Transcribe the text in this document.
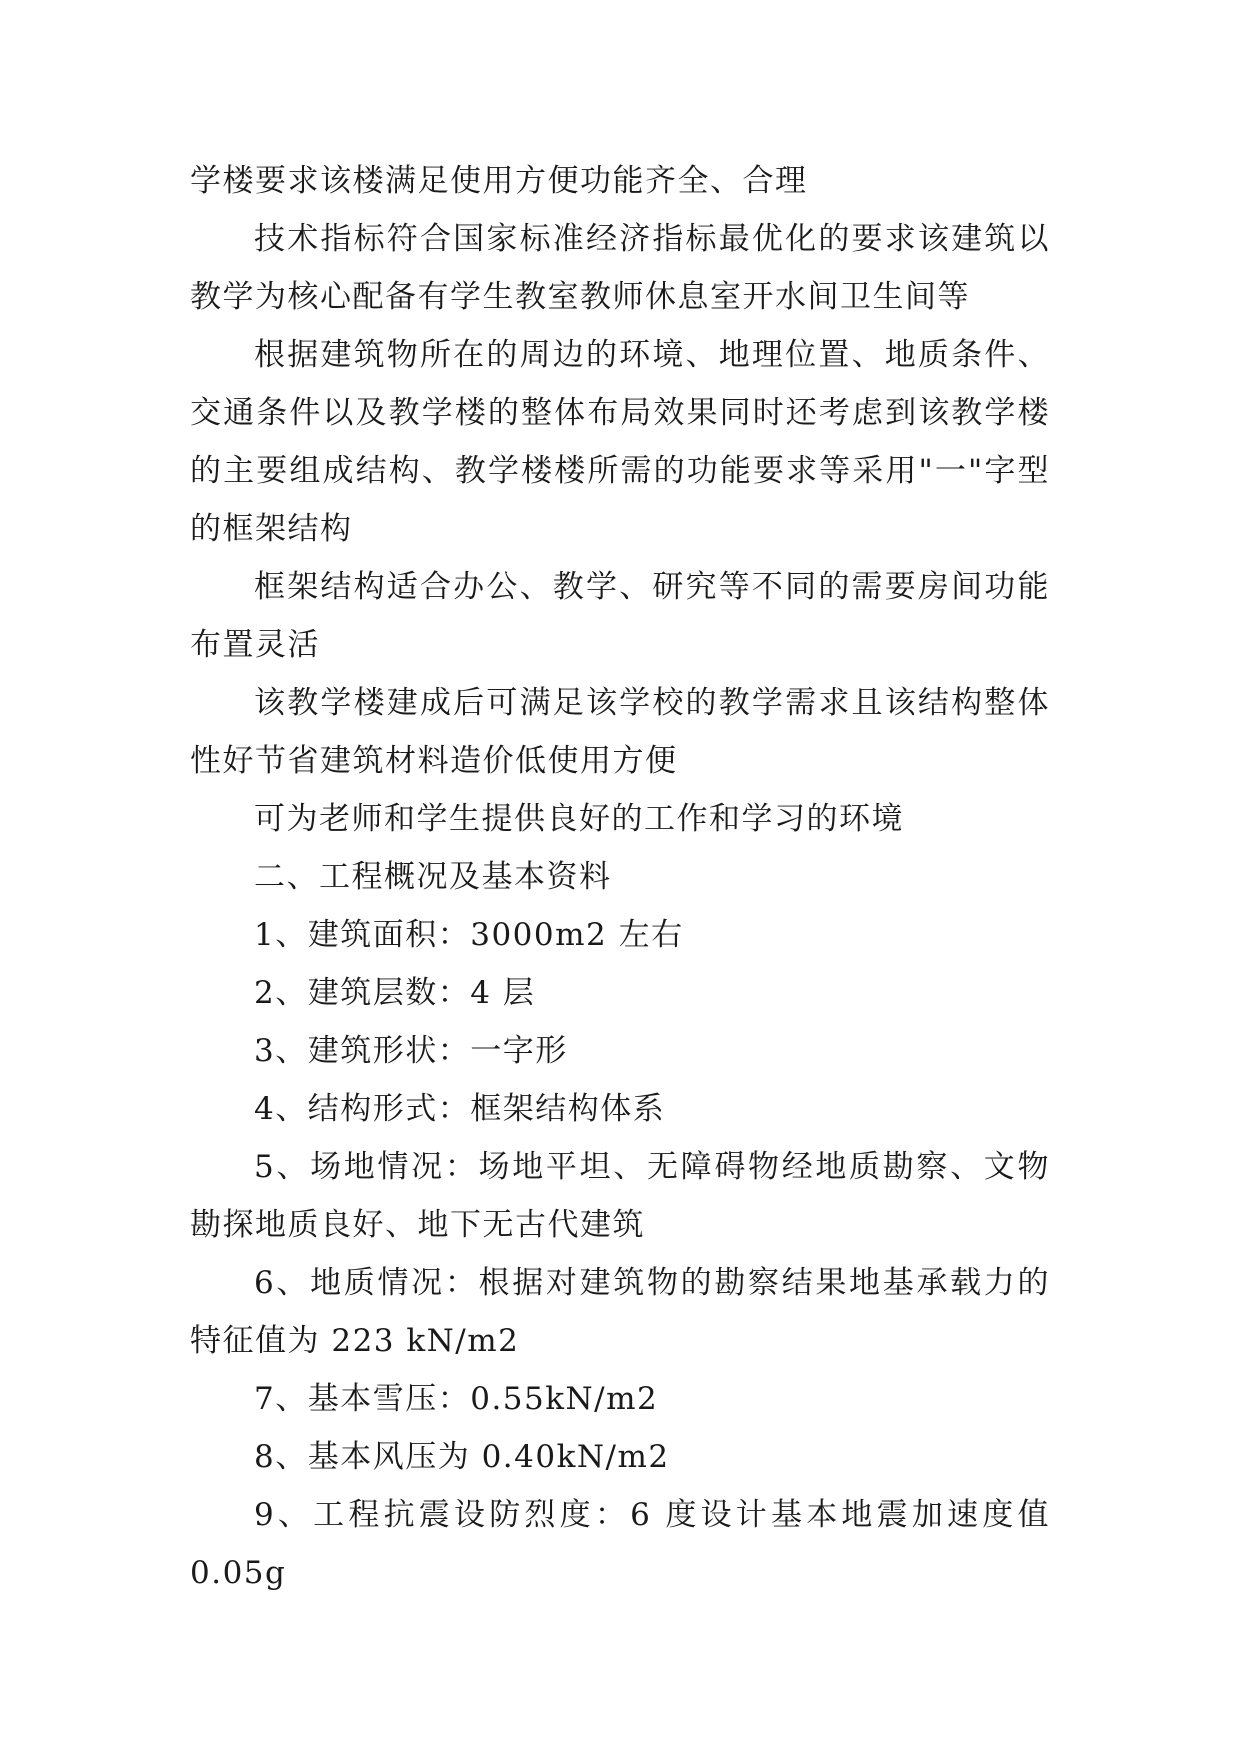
学楼要求该楼满足使用方便功能齐全、合理

技术指标符合国家标准经济指标最优化的要求该建筑以教学为核心配备有学生教室教师休息室开水间卫生间等

根据建筑物所在的周边的环境、地理位置、地质条件、交通条件以及教学楼的整体布局效果同时还考虑到该教学楼的主要组成结构、教学楼楼所需的功能要求等采用"一"字型的框架结构

框架结构适合办公、教学、研究等不同的需要房间功能布置灵活

该教学楼建成后可满足该学校的教学需求且该结构整体性好节省建筑材料造价低使用方便

可为老师和学生提供良好的工作和学习的环境

二、工程概况及基本资料

1、建筑面积：3000m2 左右

2、建筑层数：4 层

3、建筑形状：一字形

4、结构形式：框架结构体系

5、场地情况：场地平坦、无障碍物经地质勘察、文物勘探地质良好、地下无古代建筑

6、地质情况：根据对建筑物的勘察结果地基承载力的特征值为 223 kN/m2

7、基本雪压：0.55kN/m2

8、基本风压为 0.40kN/m2

9、工程抗震设防烈度：6 度设计基本地震加速度值 0.05g
